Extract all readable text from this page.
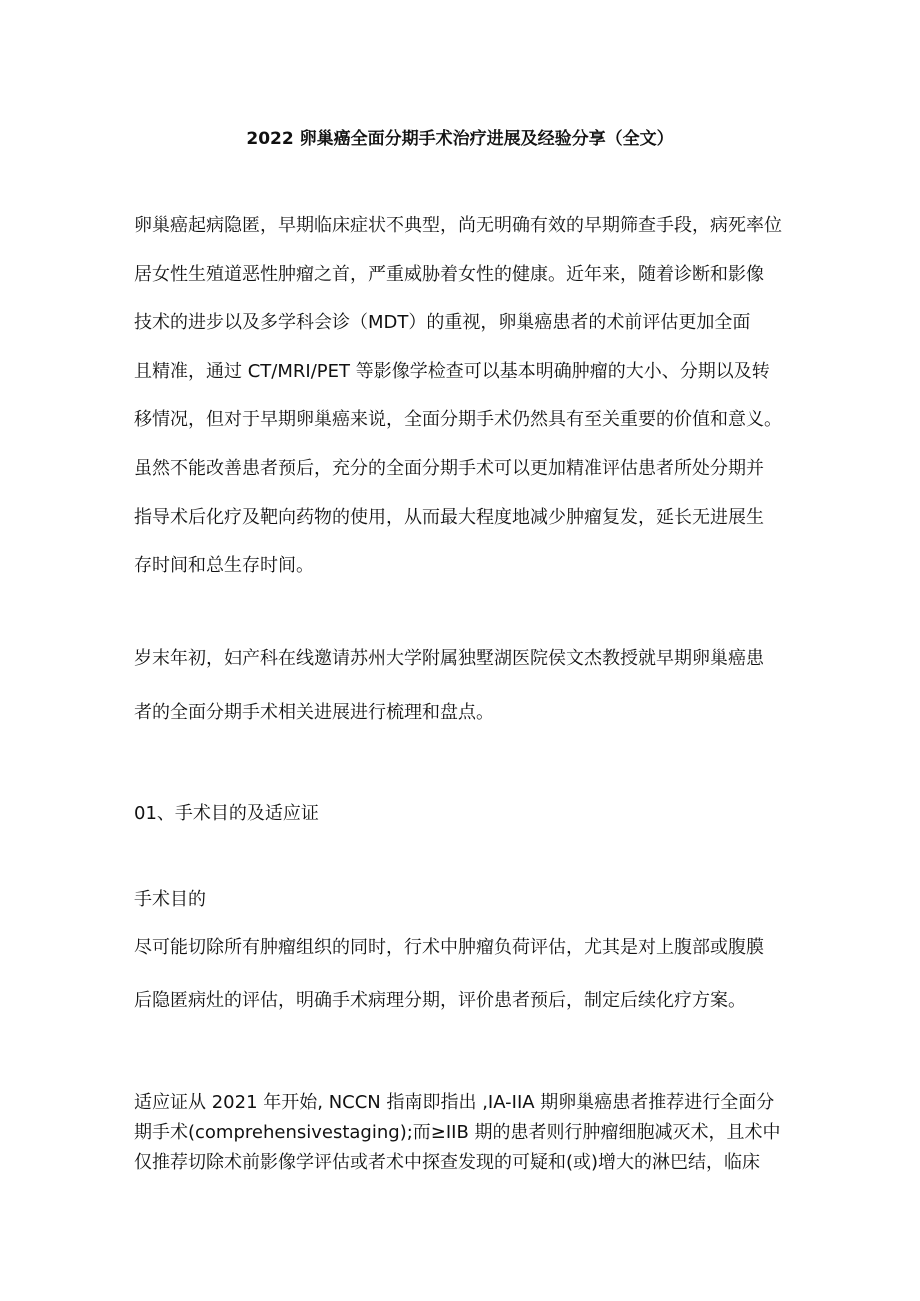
2022 卵巢癌全面分期手术治疗进展及经验分享（全文）
卵巢癌起病隐匿，早期临床症状不典型，尚无明确有效的早期筛查手段，病死率位
居女性生殖道恶性肿瘤之首，严重威胁着女性的健康。近年来，随着诊断和影像
技术的进步以及多学科会诊（MDT）的重视，卵巢癌患者的术前评估更加全面
且精准，通过 CT/MRI/PET 等影像学检查可以基本明确肿瘤的大小、分期以及转
移情况，但对于早期卵巢癌来说，全面分期手术仍然具有至关重要的价值和意义。
虽然不能改善患者预后，充分的全面分期手术可以更加精准评估患者所处分期并
指导术后化疗及靶向药物的使用，从而最大程度地减少肿瘤复发，延长无进展生
存时间和总生存时间。
岁末年初，妇产科在线邀请苏州大学附属独墅湖医院侯文杰教授就早期卵巢癌患
者的全面分期手术相关进展进行梳理和盘点。
01、手术目的及适应证
手术目的
尽可能切除所有肿瘤组织的同时，行术中肿瘤负荷评估，尤其是对上腹部或腹膜
后隐匿病灶的评估，明确手术病理分期，评价患者预后，制定后续化疗方案。
适应证从 2021 年开始, NCCN 指南即指出 ,IA-IIA 期卵巢癌患者推荐进行全面分
期手术(comprehensivestaging);而≥IIB 期的患者则行肿瘤细胞减灭术，且术中
仅推荐切除术前影像学评估或者术中探查发现的可疑和(或)增大的淋巴结，临床
